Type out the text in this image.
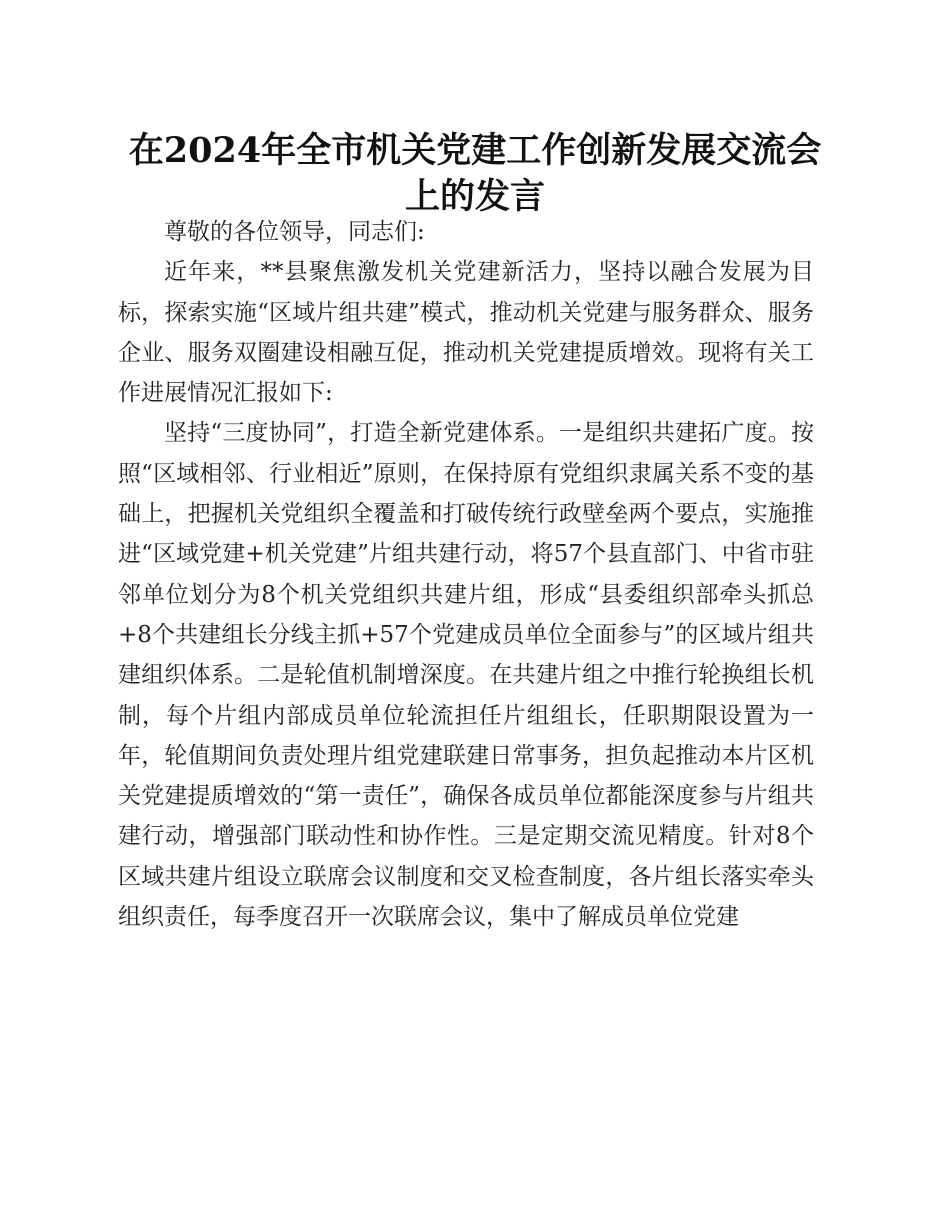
在2024年全市机关党建工作创新发展交流会上的发言

尊敬的各位领导，同志们:

近年来，**县聚焦激发机关党建新活力，坚持以融合发展为目标，探索实施“区域片组共建”模式，推动机关党建与服务群众、服务企业、服务双圈建设相融互促，推动机关党建提质增效。现将有关工作进展情况汇报如下:

坚持“三度协同”，打造全新党建体系。一是组织共建拓广度。按照“区域相邻、行业相近”原则，在保持原有党组织隶属关系不变的基础上，把握机关党组织全覆盖和打破传统行政壁垒两个要点，实施推进“区域党建+机关党建”片组共建行动，将57个县直部门、中省市驻邻单位划分为8个机关党组织共建片组，形成“县委组织部牵头抓总+8个共建组长分线主抓+57个党建成员单位全面参与”的区域片组共建组织体系。二是轮值机制增深度。在共建片组之中推行轮换组长机制，每个片组内部成员单位轮流担任片组组长，任职期限设置为一年，轮值期间负责处理片组党建联建日常事务，担负起推动本片区机关党建提质增效的“第一责任”，确保各成员单位都能深度参与片组共建行动，增强部门联动性和协作性。三是定期交流见精度。针对8个区域共建片组设立联席会议制度和交叉检查制度，各片组长落实牵头组织责任，每季度召开一次联席会议，集中了解成员单位党建
